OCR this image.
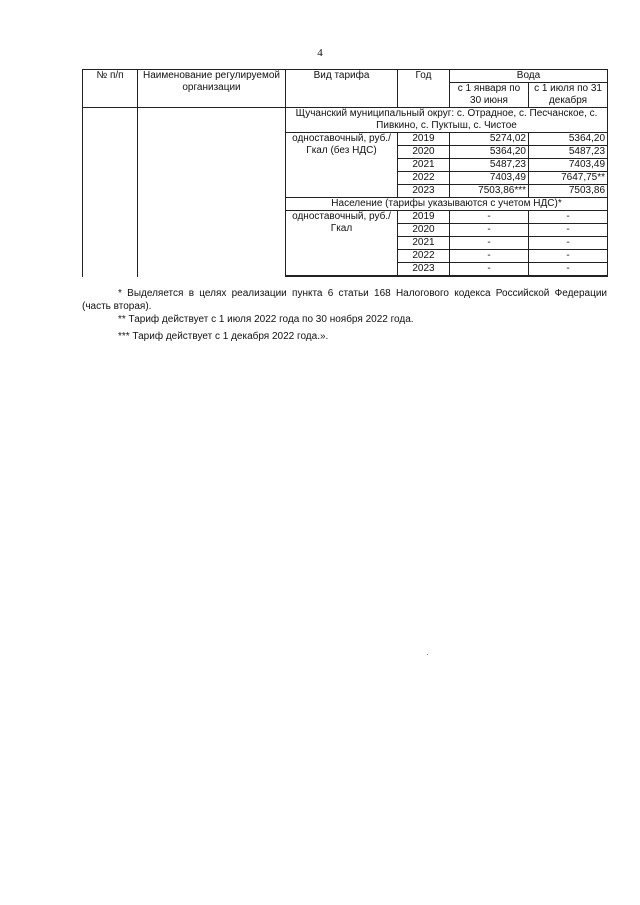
4
№ п/п	Наименование регулируемой организации	Вид тарифа	Год	Вода	
				с 1 января по 30 июня	с 1 июля по 31 декабря
		Щучанский муниципальный округ: с. Отрадное, с. Песчанское, с. Пивкино, с. Пуктыш, с. Чистое			
		одноставочный, руб./Гкал (без НДС)	2019	5274,02	5364,20
			2020	5364,20	5487,23
			2021	5487,23	7403,49
			2022	7403,49	7647,75**
			2023	7503,86***	7503,86
		Население (тарифы указываются с учетом НДС)*			
		одноставочный, руб./Гкал	2019	-	-
			2020	-	-
			2021	-	-
			2022	-	-
			2023	-	-

* Выделяется в целях реализации пункта 6 статьи 168 Налогового кодекса Российской Федерации (часть вторая).

** Тариф действует с 1 июля 2022 года по 30 ноября 2022 года.

*** Тариф действует с 1 декабря 2022 года.».
